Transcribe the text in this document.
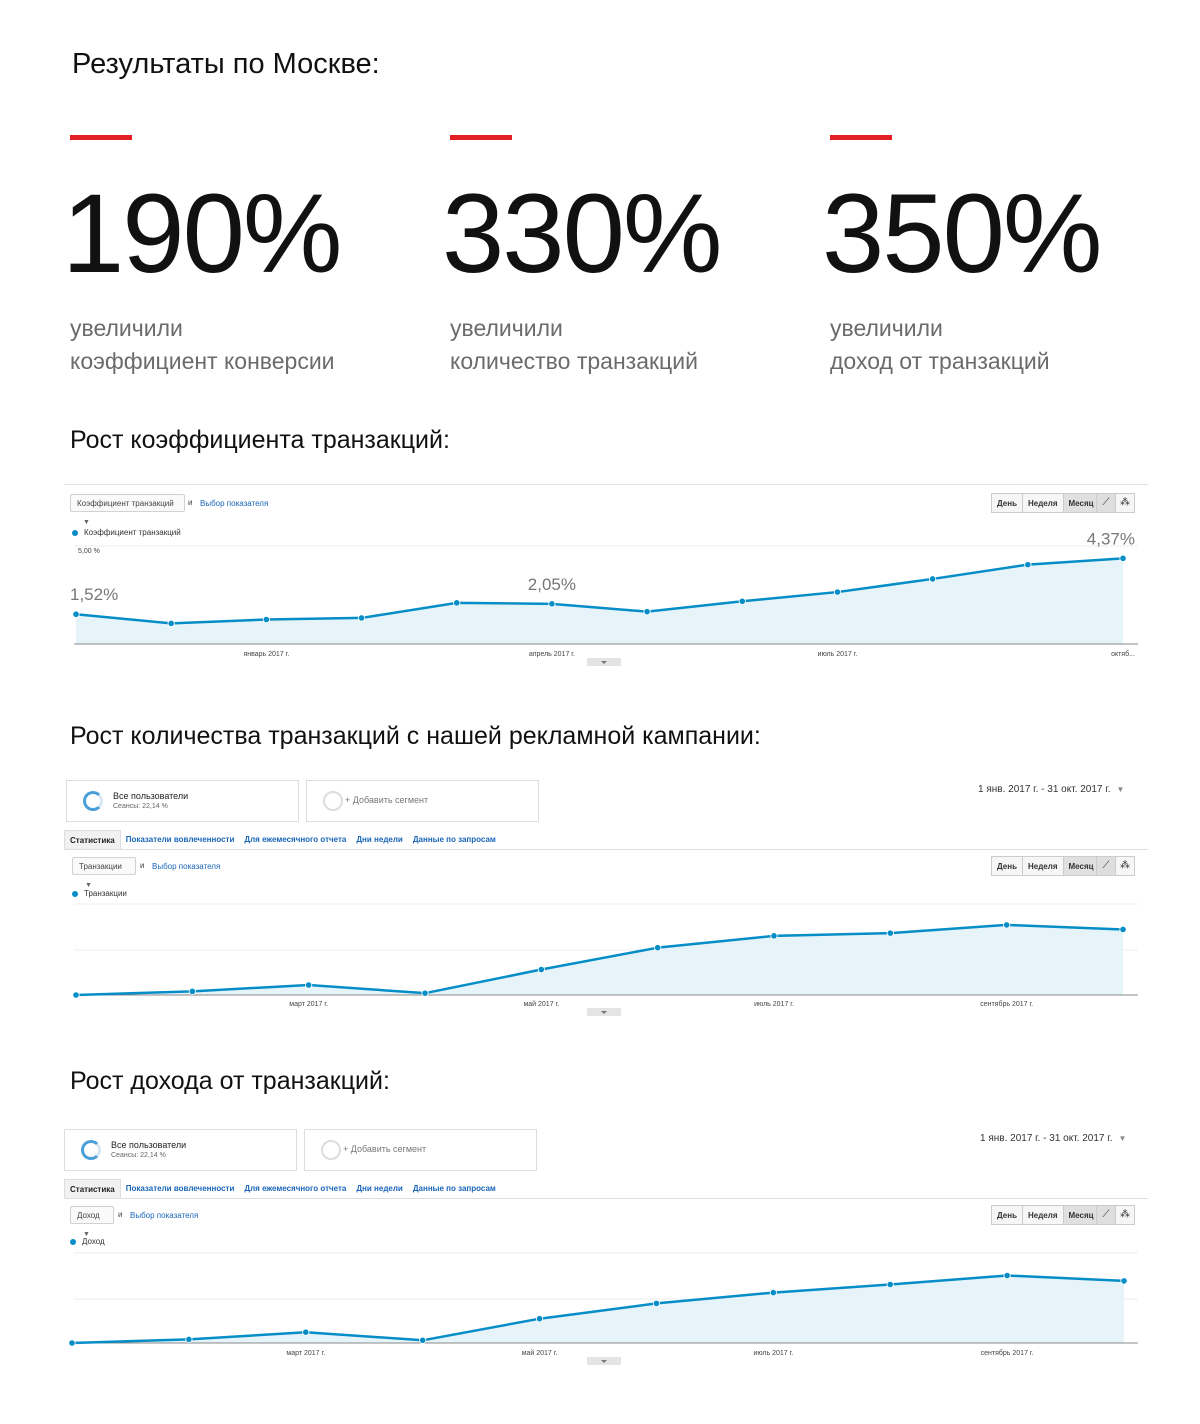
Результаты по Москве:
190%
увеличили
коэффициент конверсии
330%
увеличили
количество транзакций
350%
увеличили
доход от транзакций
Рост коэффициента транзакций:
Коэффициент транзакций▼
и Выбор показателя	День	Неделя	Месяц ⟋	⁂
Коэффициент транзакций
5,00 %
январь 2017 г.	апрель 2017 г.	июль 2017 г.	октяб...
1,52%
2,05%
4,37%
Рост количества транзакций с нашей рекламной кампании:
Все пользователи
Сеансы: 22,14 %
+ Добавить сегмент
1 янв. 2017 г. - 31 окт. 2017 г. ▼
Статистика	Показатели вовлеченности	Для ежемесячного отчета	Дни недели	Данные по запросам
Транзакции▼
и Выбор показателя	День	Неделя	Месяц ⟋	⁂
Транзакции
март 2017 г.	май 2017 г.	июль 2017 г.	сентябрь 2017 г.
Рост дохода от транзакций:
Все пользователи
Сеансы: 22,14 %
+ Добавить сегмент
1 янв. 2017 г. - 31 окт. 2017 г. ▼
Статистика	Показатели вовлеченности	Для ежемесячного отчета	Дни недели	Данные по запросам
Доход▼
и Выбор показателя	День	Неделя	Месяц ⟋	⁂
Доход
март 2017 г.	май 2017 г.	июль 2017 г.	сентябрь 2017 г.
